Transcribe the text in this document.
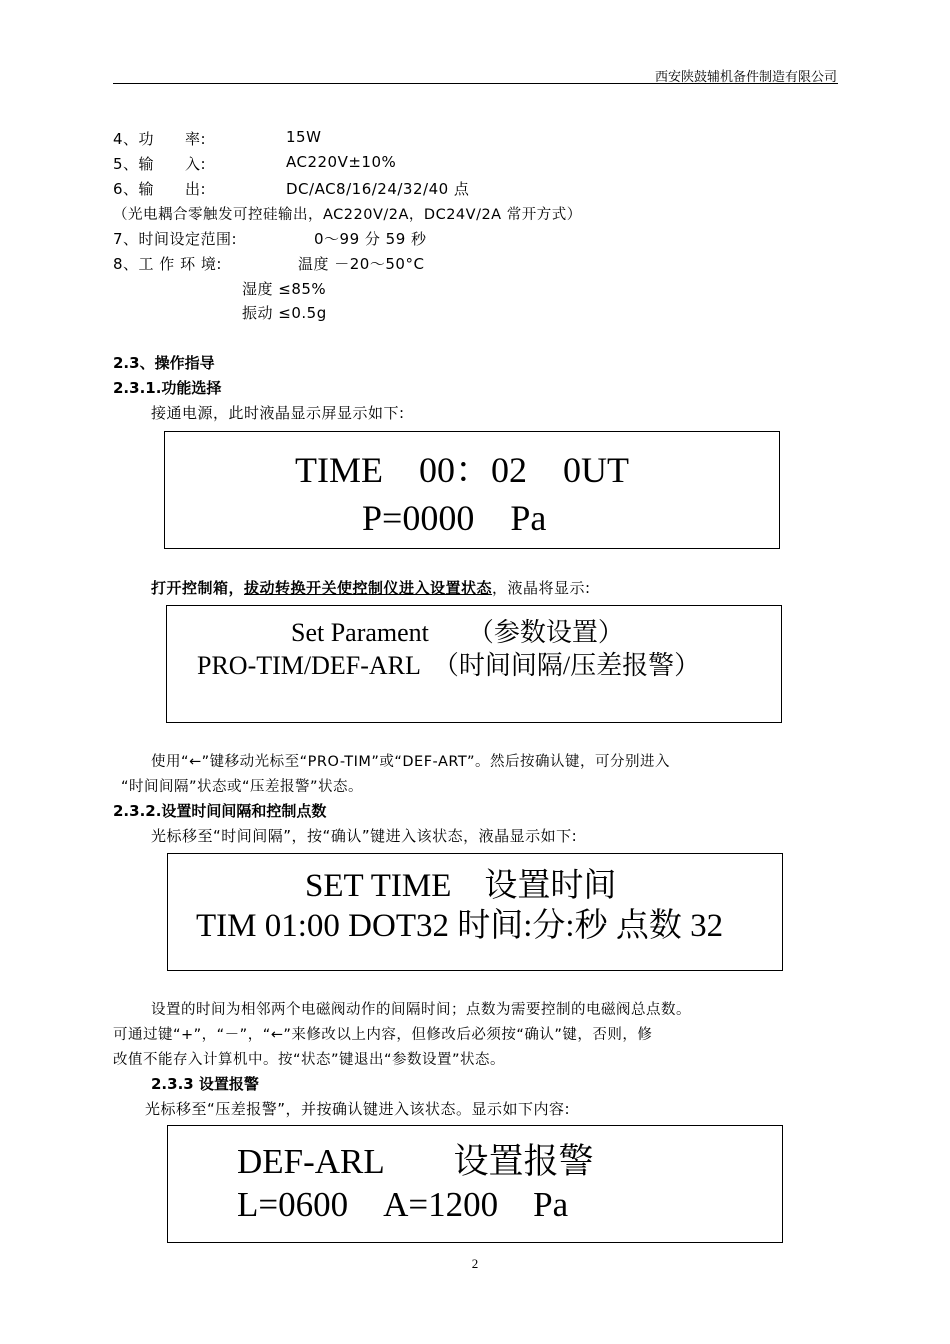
西安陕鼓辅机备件制造有限公司
4、功　　率:	15W
5、输　　入:	AC220V±10%
6、输　　出:	DC/AC8/16/24/32/40 点
（光电耦合零触发可控硅输出，AC220V/2A，DC24V/2A 常开方式）
7、时间设定范围:	0～99 分 59 秒
8、工 作 环 境:	温度 －20～50°C
湿度 ≤85%
振动 ≤0.5g
2.3、操作指导
2.3.1.功能选择
接通电源，此时液晶显示屏显示如下:
TIME　00：02　0UT
P=0000　Pa
打开控制箱，拔动转换开关使控制仪进入设置状态，液晶将显示:
Set Parament　　（参数设置）
PRO-TIM/DEF-ARL　（时间间隔/压差报警）
使用“←”键移动光标至“PRO-TIM”或“DEF-ART”。然后按确认键，可分别进入
“时间间隔”状态或“压差报警”状态。
2.3.2.设置时间间隔和控制点数
光标移至“时间间隔”，按“确认”键进入该状态，液晶显示如下:
SET TIME　设置时间
TIM 01:00 DOT32 时间:分:秒 点数 32
设置的时间为相邻两个电磁阀动作的间隔时间；点数为需要控制的电磁阀总点数。
可通过键“+”，“－”，“←”来修改以上内容，但修改后必须按“确认”键，否则，修
改值不能存入计算机中。按“状态”键退出“参数设置”状态。
2.3.3 设置报警
光标移至“压差报警”，并按确认键进入该状态。显示如下内容:
DEF-ARL　　设置报警
L=0600　A=1200　Pa
2
